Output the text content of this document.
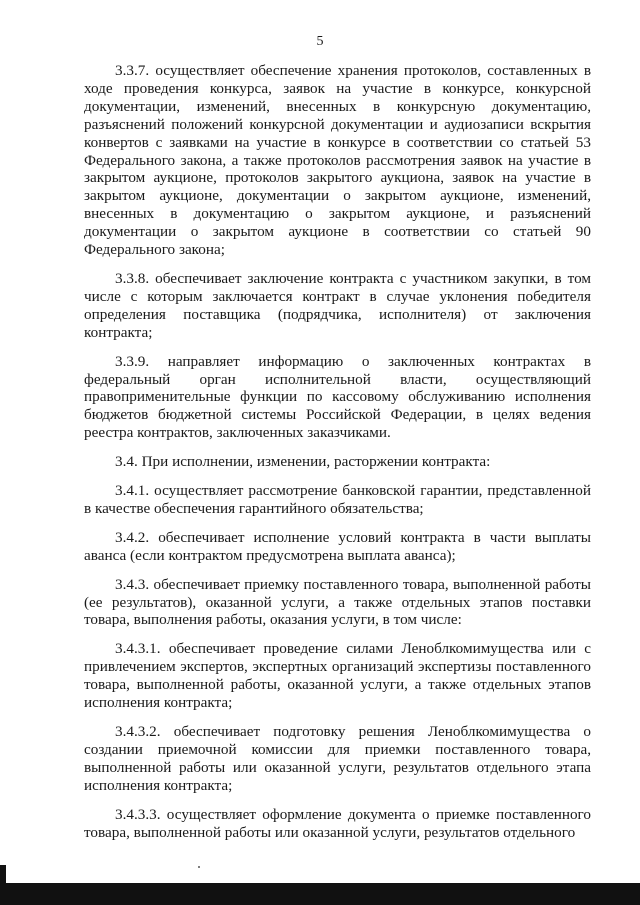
5

3.3.7. осуществляет обеспечение хранения протоколов, составленных в ходе проведения конкурса, заявок на участие в конкурсе, конкурсной документации, изменений, внесенных в конкурсную документацию, разъяснений положений конкурсной документации и аудиозаписи вскрытия конвертов с заявками на участие в конкурсе в соответствии со статьей 53 Федерального закона, а также протоколов рассмотрения заявок на участие в закрытом аукционе, протоколов закрытого аукциона, заявок на участие в закрытом аукционе, документации о закрытом аукционе, изменений, внесенных в документацию о закрытом аукционе, и разъяснений документации о закрытом аукционе в соответствии со статьей 90 Федерального закона;

3.3.8. обеспечивает заключение контракта с участником закупки, в том числе с которым заключается контракт в случае уклонения победителя определения поставщика (подрядчика, исполнителя) от заключения контракта;

3.3.9. направляет информацию о заключенных контрактах в федеральный орган исполнительной власти, осуществляющий правоприменительные функции по кассовому обслуживанию исполнения бюджетов бюджетной системы Российской Федерации, в целях ведения реестра контрактов, заключенных заказчиками.

3.4. При исполнении, изменении, расторжении контракта:

3.4.1. осуществляет рассмотрение банковской гарантии, представленной в качестве обеспечения гарантийного обязательства;

3.4.2. обеспечивает исполнение условий контракта в части выплаты аванса (если контрактом предусмотрена выплата аванса);

3.4.3. обеспечивает приемку поставленного товара, выполненной работы (ее результатов), оказанной услуги, а также отдельных этапов поставки товара, выполнения работы, оказания услуги, в том числе:

3.4.3.1. обеспечивает проведение силами Леноблкомимущества или с привлечением экспертов, экспертных организаций экспертизы поставленного товара, выполненной работы, оказанной услуги, а также отдельных этапов исполнения контракта;

3.4.3.2. обеспечивает подготовку решения Леноблкомимущества о создании приемочной комиссии для приемки поставленного товара, выполненной работы или оказанной услуги, результатов отдельного этапа исполнения контракта;

3.4.3.3. осуществляет оформление документа о приемке поставленного товара, выполненной работы или оказанной услуги, результатов отдельного
